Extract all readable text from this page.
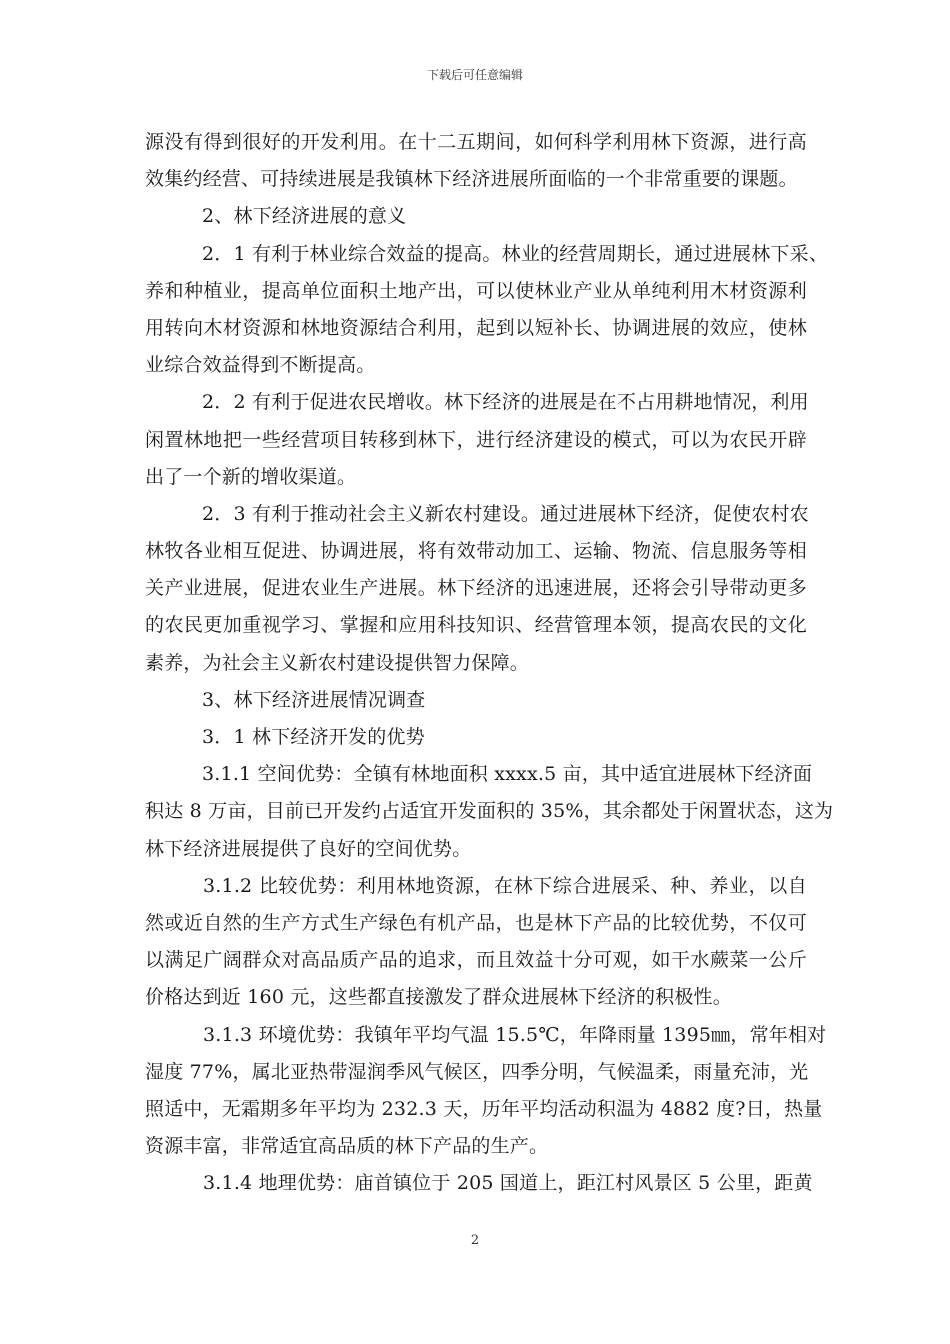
下载后可任意编辑
源没有得到很好的开发利用。在十二五期间，如何科学利用林下资源，进行高
效集约经营、可持续进展是我镇林下经济进展所面临的一个非常重要的课题。
2、林下经济进展的意义
2．1 有利于林业综合效益的提高。林业的经营周期长，通过进展林下采、
养和种植业，提高单位面积土地产出，可以使林业产业从单纯利用木材资源利
用转向木材资源和林地资源结合利用，起到以短补长、协调进展的效应，使林
业综合效益得到不断提高。
2．2 有利于促进农民增收。林下经济的进展是在不占用耕地情况，利用
闲置林地把一些经营项目转移到林下，进行经济建设的模式，可以为农民开辟
出了一个新的增收渠道。
2．3 有利于推动社会主义新农村建设。通过进展林下经济，促使农村农
林牧各业相互促进、协调进展，将有效带动加工、运输、物流、信息服务等相
关产业进展，促进农业生产进展。林下经济的迅速进展，还将会引导带动更多
的农民更加重视学习、掌握和应用科技知识、经营管理本领，提高农民的文化
素养，为社会主义新农村建设提供智力保障。
3、林下经济进展情况调查
3．1 林下经济开发的优势
3.1.1 空间优势：全镇有林地面积 xxxx.5 亩，其中适宜进展林下经济面
积达 8 万亩，目前已开发约占适宜开发面积的 35%，其余都处于闲置状态，这为
林下经济进展提供了良好的空间优势。
3.1.2 比较优势：利用林地资源，在林下综合进展采、种、养业，以自
然或近自然的生产方式生产绿色有机产品，也是林下产品的比较优势，不仅可
以满足广阔群众对高品质产品的追求，而且效益十分可观，如干水蕨菜一公斤
价格达到近 160 元，这些都直接激发了群众进展林下经济的积极性。
3.1.3 环境优势：我镇年平均气温 15.5℃，年降雨量 1395㎜，常年相对
湿度 77%，属北亚热带湿润季风气候区，四季分明，气候温柔，雨量充沛，光
照适中，无霜期多年平均为 232.3 天，历年平均活动积温为 4882 度?日，热量
资源丰富，非常适宜高品质的林下产品的生产。
3.1.4 地理优势：庙首镇位于 205 国道上，距江村风景区 5 公里，距黄
2
